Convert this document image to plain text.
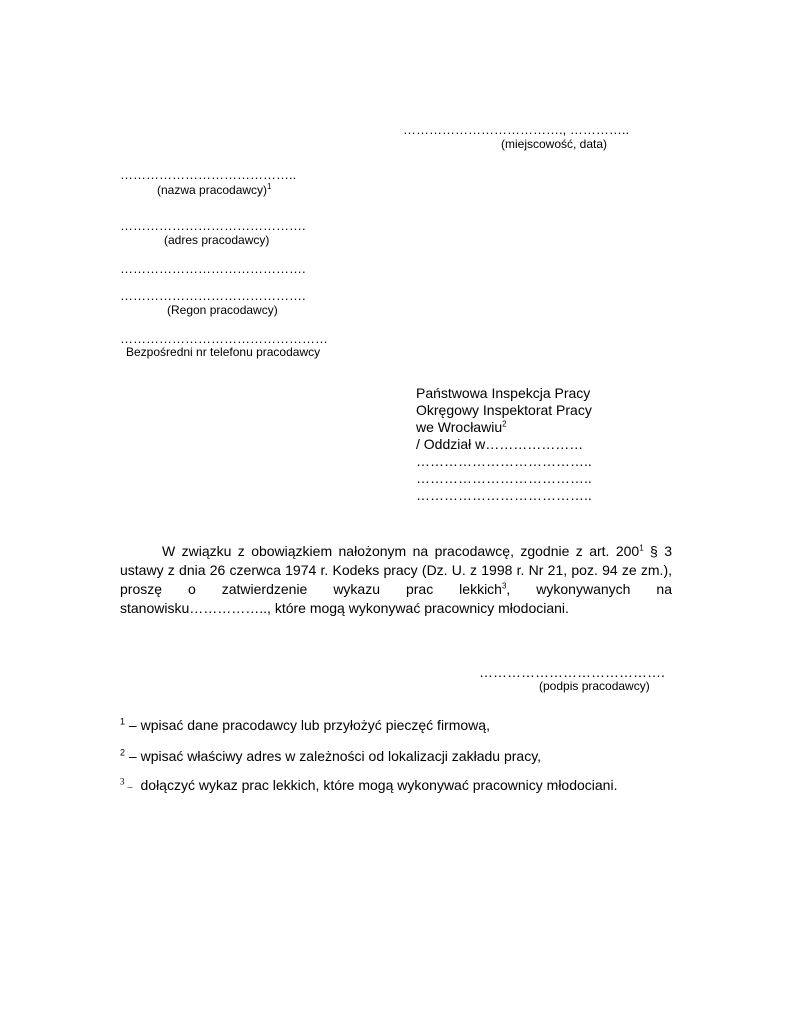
………………………………., …………..
(miejscowość, data)
…………………………………..
(nazwa pracodawcy)$^1$
…………………………………….
(adres pracodawcy)
…………………………………….
…………………………………….
(Regon pracodawcy)
…………………………………………
Bezpośredni nr telefonu pracodawcy
Państwowa Inspekcja Pracy
Okręgowy Inspektorat Pracy
we Wrocławiu$^2$
/ Oddział w…………………
………………………………..
………………………………..
………………………………..
W związku z obowiązkiem nałożonym na pracodawcę, zgodnie z art. $200^1$ § 3 ustawy z dnia 26 czerwca 1974 r. Kodeks pracy (Dz. U. z 1998 r. Nr 21, poz. 94 ze zm.), proszę o zatwierdzenie wykazu prac lekkich$^3$, wykonywanych na stanowisku…………….., które mogą wykonywać pracownicy młodociani.
………………………………….
(podpis pracodawcy)
$^1$ – wpisać dane pracodawcy lub przyłożyć pieczęć firmową,
$^2$ – wpisać właściwy adres w zależności od lokalizacji zakładu pracy,
$^3$– dołączyć wykaz prac lekkich, które mogą wykonywać pracownicy młodociani.
